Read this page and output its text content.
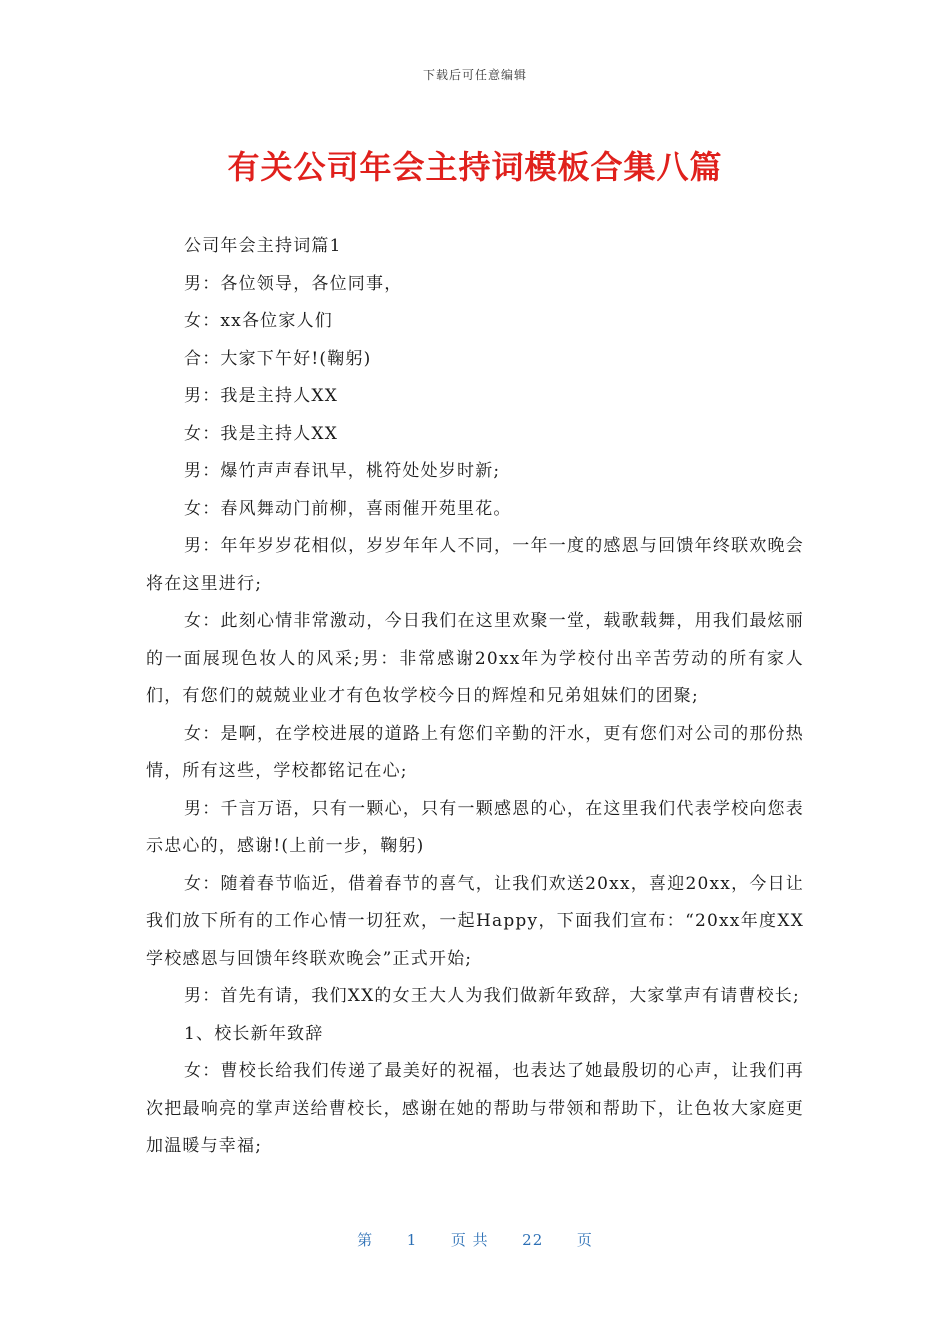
下载后可任意编辑
有关公司年会主持词模板合集八篇

公司年会主持词篇1

男：各位领导，各位同事，

女：xx各位家人们

合：大家下午好!(鞠躬)

男：我是主持人XX

女：我是主持人XX

男：爆竹声声春讯早，桃符处处岁时新;

女：春风舞动门前柳，喜雨催开苑里花。

男：年年岁岁花相似，岁岁年年人不同，一年一度的感恩与回馈年终联欢晚会将在这里进行;

女：此刻心情非常激动，今日我们在这里欢聚一堂，载歌载舞，用我们最炫丽的一面展现色妆人的风采;男：非常感谢20xx年为学校付出辛苦劳动的所有家人们，有您们的兢兢业业才有色妆学校今日的辉煌和兄弟姐妹们的团聚;

女：是啊，在学校进展的道路上有您们辛勤的汗水，更有您们对公司的那份热情，所有这些，学校都铭记在心;

男：千言万语，只有一颗心，只有一颗感恩的心，在这里我们代表学校向您表示忠心的，感谢!(上前一步，鞠躬)

女：随着春节临近，借着春节的喜气，让我们欢送20xx，喜迎20xx，今日让我们放下所有的工作心情一切狂欢，一起Happy，下面我们宣布：“20xx年度XX学校感恩与回馈年终联欢晚会”正式开始;

男：首先有请，我们XX的女王大人为我们做新年致辞，大家掌声有请曹校长;

1、校长新年致辞

女：曹校长给我们传递了最美好的祝福，也表达了她最殷切的心声，让我们再次把最响亮的掌声送给曹校长，感谢在她的帮助与带领和帮助下，让色妆大家庭更加温暖与幸福;

第 1 页 共 22 页
